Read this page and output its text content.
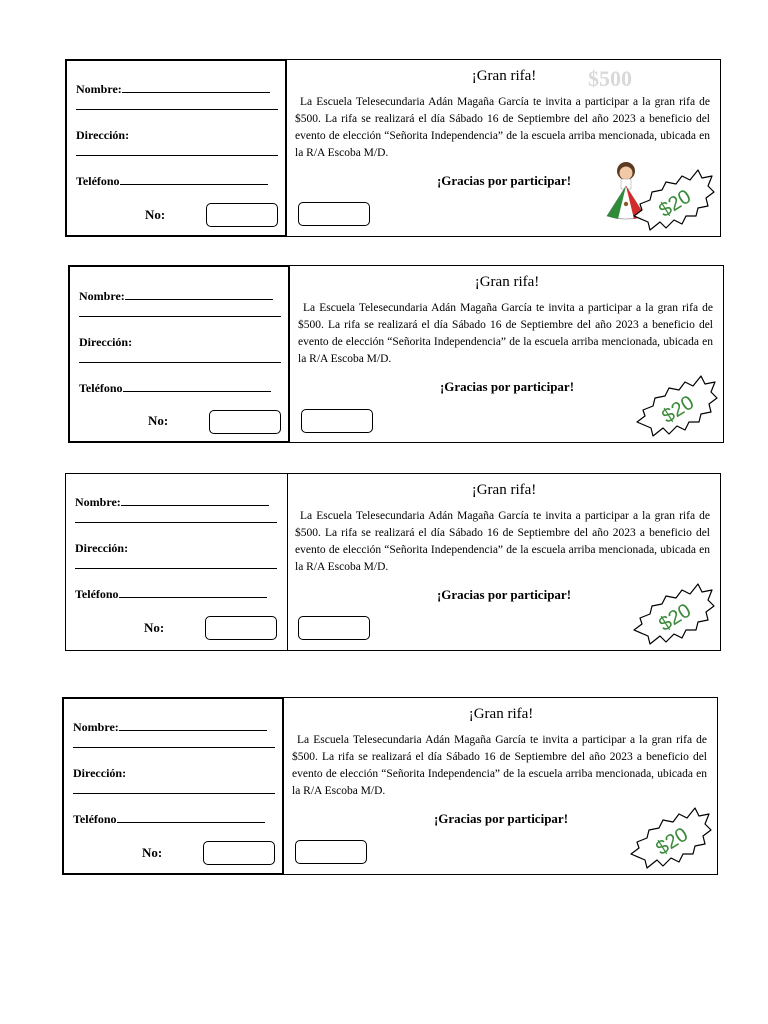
Nombre:
Dirección:
Teléfono
No:
$500
¡Gran rifa!
La Escuela Telesecundaria Adán Magaña García te invita a participar a la gran rifa de $500. La rifa se realizará el día Sábado 16 de Septiembre del año 2023 a beneficio del evento de elección “Señorita Independencia” de la escuela arriba mencionada, ubicada en la R/A Escoba M/D.
¡Gracias por participar!
$20
Nombre:
Dirección:
Teléfono
No:
¡Gran rifa!
La Escuela Telesecundaria Adán Magaña García te invita a participar a la gran rifa de $500. La rifa se realizará el día Sábado 16 de Septiembre del año 2023 a beneficio del evento de elección “Señorita Independencia” de la escuela arriba mencionada, ubicada en la R/A Escoba M/D.
¡Gracias por participar!
$20
Nombre:
Dirección:
Teléfono
No:
¡Gran rifa!
La Escuela Telesecundaria Adán Magaña García te invita a participar a la gran rifa de $500. La rifa se realizará el día Sábado 16 de Septiembre del año 2023 a beneficio del evento de elección “Señorita Independencia” de la escuela arriba mencionada, ubicada en la R/A Escoba M/D.
¡Gracias por participar!
$20
Nombre:
Dirección:
Teléfono
No:
¡Gran rifa!
La Escuela Telesecundaria Adán Magaña García te invita a participar a la gran rifa de $500. La rifa se realizará el día Sábado 16 de Septiembre del año 2023 a beneficio del evento de elección “Señorita Independencia” de la escuela arriba mencionada, ubicada en la R/A Escoba M/D.
¡Gracias por participar!
$20
